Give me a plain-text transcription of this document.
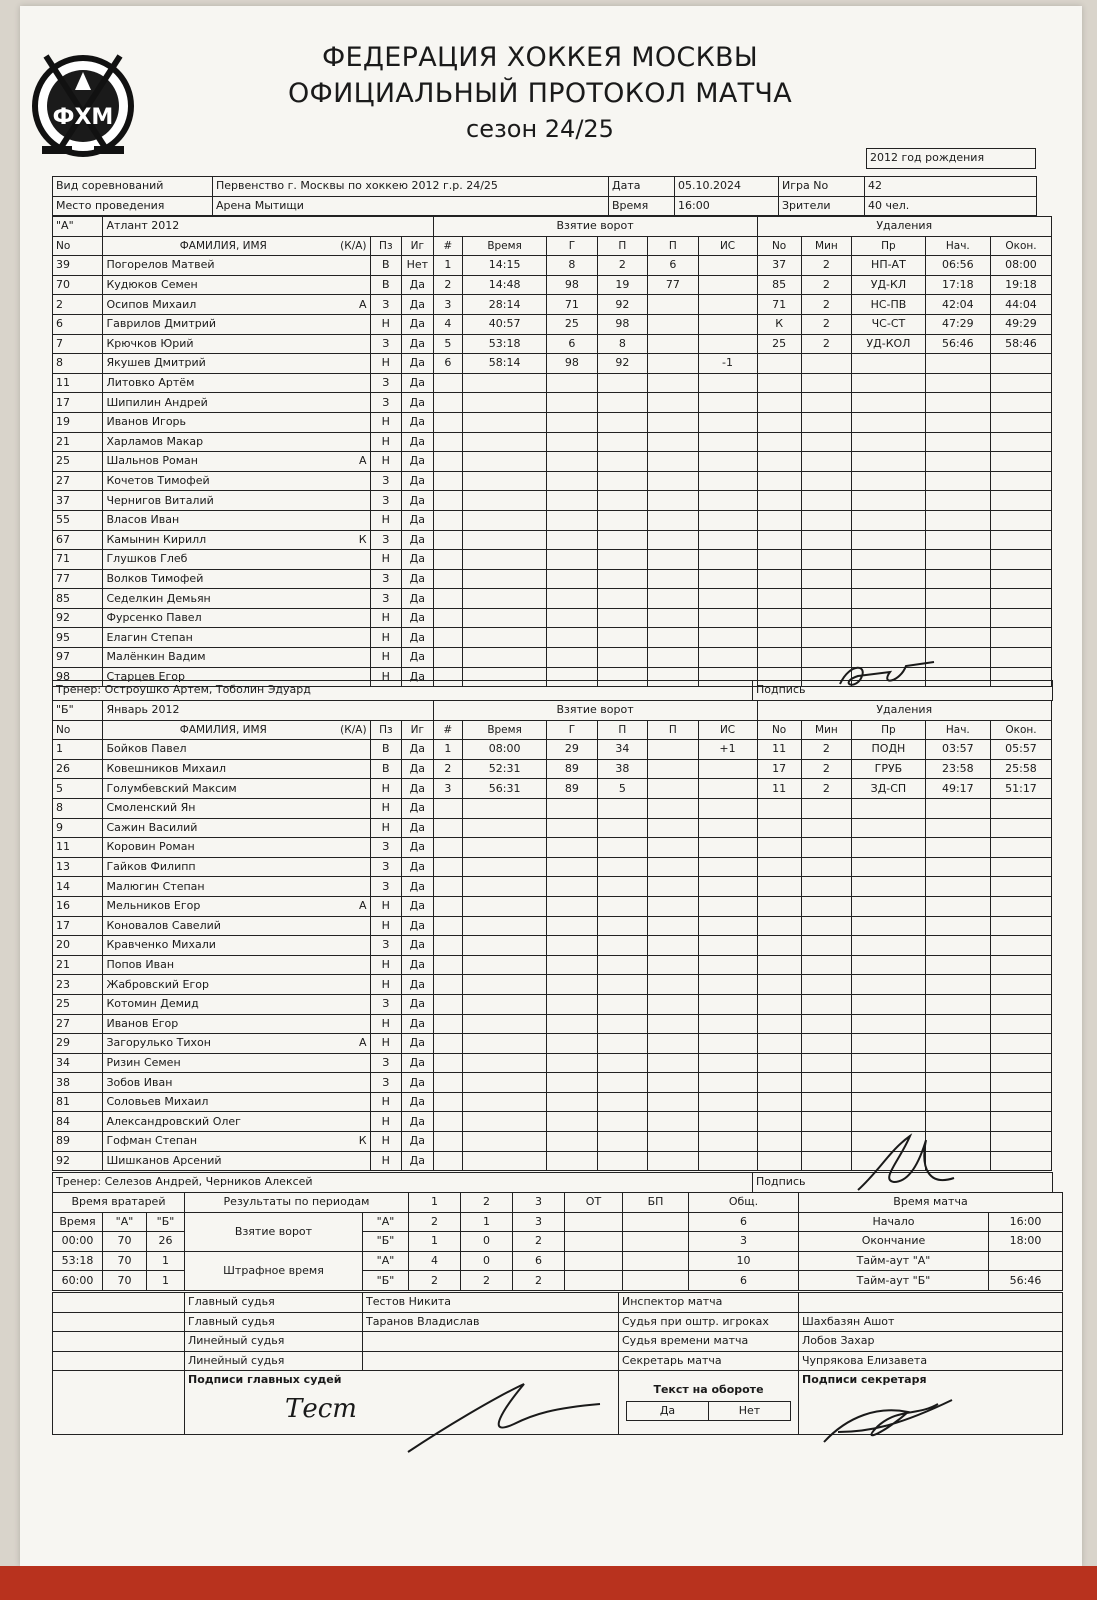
ФХМ
ФЕДЕРАЦИЯ ХОККЕЯ МОСКВЫ
ОФИЦИАЛЬНЫЙ ПРОТОКОЛ МАТЧА
сезон 24/25
2012 год рождения
Вид соревнований	Первенство г. Москвы по хоккею 2012 г.р. 24/25	Дата	05.10.2024	Игра No	42
Место проведения	Арена Мытищи	Время	16:00	Зрители	40 чел.
"А"	Атлант 2012			Взятие ворот						Удаления				
No	ФАМИЛИЯ, ИМЯ (К/А)	Пз	Иг	#	Время	Г	П	П	ИС	No	Мин	Пр	Нач.	Окон.
39	Погорелов Матвей	В	Нет	1	14:15	8	2	6		37	2	НП-АТ	06:56	08:00
70	Кудюков Семен	В	Да	2	14:48	98	19	77		85	2	УД-КЛ	17:18	19:18
2	Осипов Михаил А	З	Да	3	28:14	71	92			71	2	НС-ПВ	42:04	44:04
6	Гаврилов Дмитрий	Н	Да	4	40:57	25	98			К	2	ЧС-СТ	47:29	49:29
7	Крючков Юрий	З	Да	5	53:18	6	8			25	2	УД-КОЛ	56:46	58:46
8	Якушев Дмитрий	Н	Да	6	58:14	98	92		-1					
11	Литовко Артём	З	Да											
17	Шипилин Андрей	З	Да											
19	Иванов Игорь	Н	Да											
21	Харламов Макар	Н	Да											
25	Шальнов Роман А	Н	Да											
27	Кочетов Тимофей	З	Да											
37	Чернигов Виталий	З	Да											
55	Власов Иван	Н	Да											
67	Камынин Кирилл К	З	Да											
71	Глушков Глеб	Н	Да											
77	Волков Тимофей	З	Да											
85	Седелкин Демьян	З	Да											
92	Фурсенко Павел	Н	Да											
95	Елагин Степан	Н	Да											
97	Малёнкин Вадим	Н	Да											
98	Старцев Егор	Н	Да											
Тренер: Остроушко Артем, Тоболин Эдуард	Подпись
"Б"	Январь 2012			Взятие ворот						Удаления				
No	ФАМИЛИЯ, ИМЯ (К/А)	Пз	Иг	#	Время	Г	П	П	ИС	No	Мин	Пр	Нач.	Окон.
1	Бойков Павел	В	Да	1	08:00	29	34		+1	11	2	ПОДН	03:57	05:57
26	Ковешников Михаил	В	Да	2	52:31	89	38			17	2	ГРУБ	23:58	25:58
5	Голумбевский Максим	Н	Да	3	56:31	89	5			11	2	ЗД-СП	49:17	51:17
8	Смоленский Ян	Н	Да											
9	Сажин Василий	Н	Да											
11	Коровин Роман	З	Да											
13	Гайков Филипп	З	Да											
14	Малюгин Степан	З	Да											
16	Мельников Егор А	Н	Да											
17	Коновалов Савелий	Н	Да											
20	Кравченко Михали	З	Да											
21	Попов Иван	Н	Да											
23	Жабровский Егор	Н	Да											
25	Котомин Демид	З	Да											
27	Иванов Егор	Н	Да											
29	Загорулько Тихон А	Н	Да											
34	Ризин Семен	З	Да											
38	Зобов Иван	З	Да											
81	Соловьев Михаил	Н	Да											
84	Александровский Олег	Н	Да											
89	Гофман Степан К	Н	Да											
92	Шишканов Арсений	Н	Да											
Тренер: Селезов Андрей, Черников Алексей	Подпись
Время вратарей			Результаты по периодам		1	2	3	ОТ	БП	Общ.	Время матча	
Время	"А"	"Б"	Взятие ворот	"А"	2	1	3			6	Начало	16:00
00:00	70	26		"Б"	1	0	2			3	Окончание	18:00
53:18	70	1	Штрафное время	"А"	4	0	6			10	Тайм-аут "А"	
60:00	70	1		"Б"	2	2	2			6	Тайм-аут "Б"	56:46
	Главный судья	Тестов Никита	Инспектор матча	
	Главный судья	Таранов Владислав	Судья при оштр. игроках	Шахбазян Ашот
	Линейный судья		Судья времени матча	Лобов Захар
	Линейный судья		Секретарь матча	Чупрякова Елизавета
	Подписи главных судей		Текст на обороте
Да Нет	Подписи секретаря
Тест
